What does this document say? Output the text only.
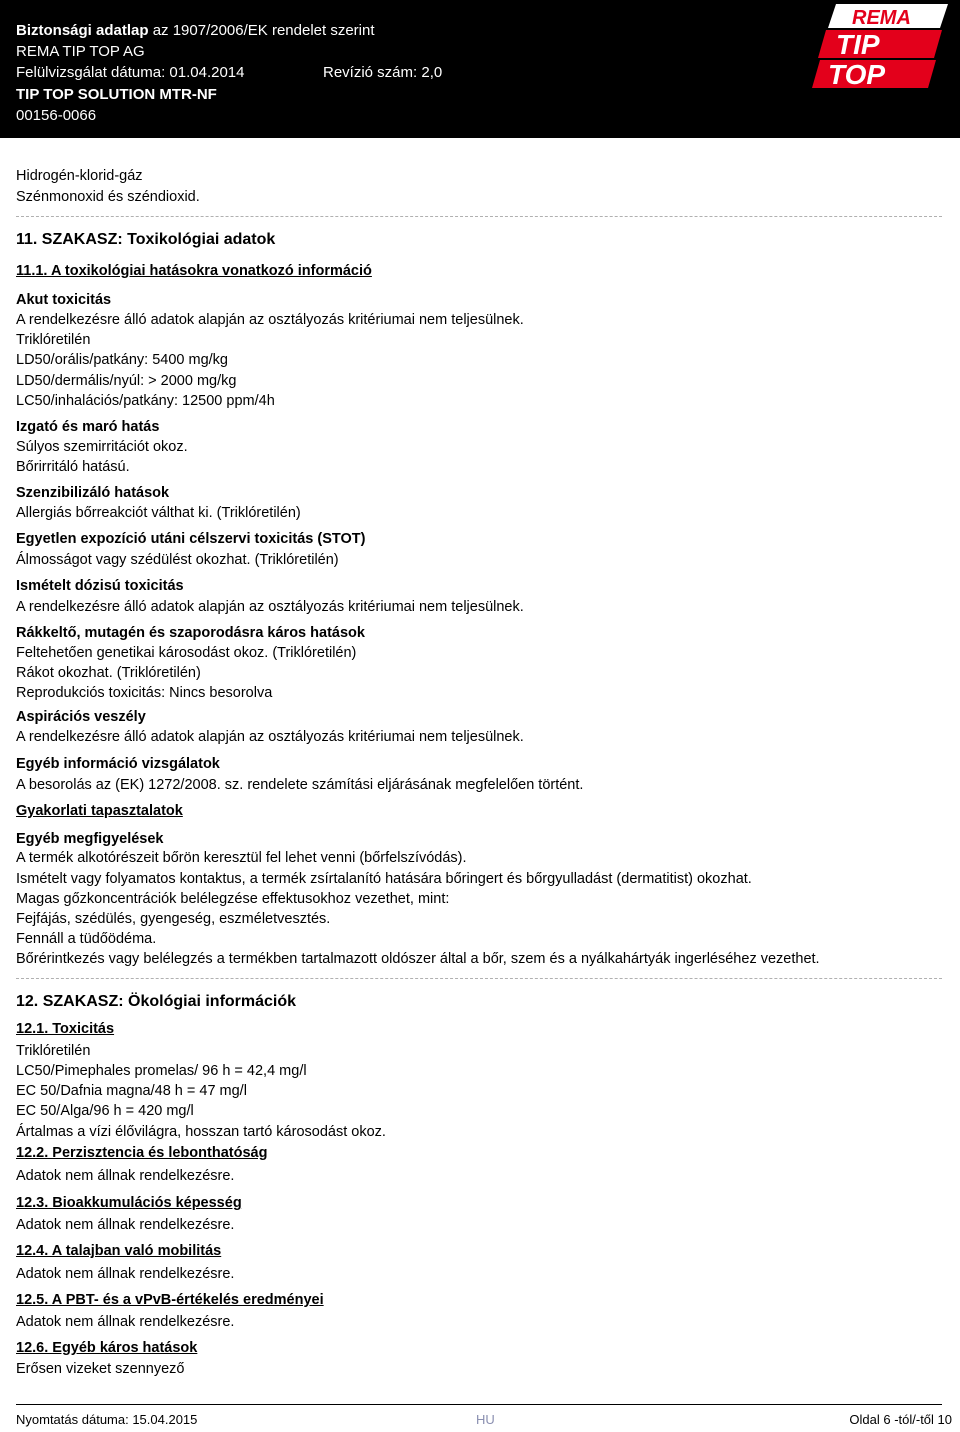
Biztonsági adatlap az 1907/2006/EK rendelet szerint
REMA TIP TOP AG
Felülvizsgálat dátuma: 01.04.2014	Revízió szám: 2,0
TIP TOP SOLUTION MTR-NF
00156-0066
REMA
TIP
TOP
Hidrogén-klorid-gáz
Szénmonoxid és széndioxid.
11. SZAKASZ: Toxikológiai adatok
11.1. A toxikológiai hatásokra vonatkozó információ
Akut toxicitás
A rendelkezésre álló adatok alapján az osztályozás kritériumai nem teljesülnek.
Triklóretilén
LD50/orális/patkány: 5400 mg/kg
LD50/dermális/nyúl: > 2000 mg/kg
LC50/inhalációs/patkány: 12500 ppm/4h
Izgató és maró hatás
Súlyos szemirritációt okoz.
Bőrirritáló hatású.
Szenzibilizáló hatások
Allergiás bőrreakciót válthat ki. (Triklóretilén)
Egyetlen expozíció utáni célszervi toxicitás (STOT)
Álmosságot vagy szédülést okozhat. (Triklóretilén)
Ismételt dózisú toxicitás
A rendelkezésre álló adatok alapján az osztályozás kritériumai nem teljesülnek.
Rákkeltő, mutagén és szaporodásra káros hatások
Feltehetően genetikai károsodást okoz. (Triklóretilén)
Rákot okozhat. (Triklóretilén)
Reprodukciós toxicitás: Nincs besorolva
Aspirációs veszély
A rendelkezésre álló adatok alapján az osztályozás kritériumai nem teljesülnek.
Egyéb információ vizsgálatok
A besorolás az (EK) 1272/2008. sz. rendelete számítási eljárásának megfelelően történt.
Gyakorlati tapasztalatok
Egyéb megfigyelések
A termék alkotórészeit bőrön keresztül fel lehet venni (bőrfelszívódás).
Ismételt vagy folyamatos kontaktus, a termék zsírtalanító hatására bőringert és bőrgyulladást (dermatitist) okozhat.
Magas gőzkoncentrációk belélegzése effektusokhoz vezethet, mint:
Fejfájás, szédülés, gyengeség, eszméletvesztés.
Fennáll a tüdőödéma.
Bőrérintkezés vagy belélegzés a termékben tartalmazott oldószer által a bőr, szem és a nyálkahártyák ingerléséhez vezethet.
12. SZAKASZ: Ökológiai információk
12.1. Toxicitás
Triklóretilén
LC50/Pimephales promelas/ 96 h = 42,4 mg/l
EC 50/Dafnia magna/48 h = 47 mg/l
EC 50/Alga/96 h = 420 mg/l
Ártalmas a vízi élővilágra, hosszan tartó károsodást okoz.
12.2. Perzisztencia és lebonthatóság
Adatok nem állnak rendelkezésre.
12.3. Bioakkumulációs képesség
Adatok nem állnak rendelkezésre.
12.4. A talajban való mobilitás
Adatok nem állnak rendelkezésre.
12.5. A PBT- és a vPvB-értékelés eredményei
Adatok nem állnak rendelkezésre.
12.6. Egyéb káros hatások
Erősen vizeket szennyező
Nyomtatás dátuma: 15.04.2015	HU	Oldal 6 -tól/-től 10
